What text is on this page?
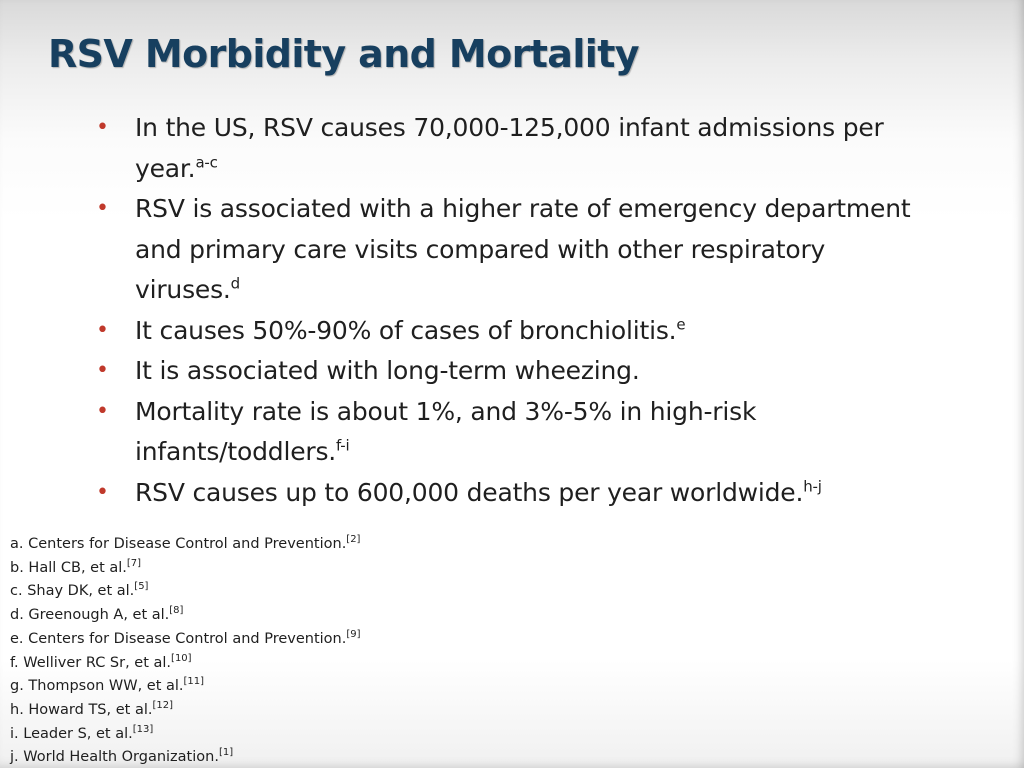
RSV Morbidity and Mortality
• In the US, RSV causes 70,000-125,000 infant admissions per year.$^{a-c}$
• RSV is associated with a higher rate of emergency department and primary care visits compared with other respiratory viruses.$^d$
• It causes 50%-90% of cases of bronchiolitis.$^e$
• It is associated with long-term wheezing.
• Mortality rate is about 1%, and 3%-5% in high-risk infants/toddlers.$^{f-i}$
• RSV causes up to 600,000 deaths per year worldwide.$^{h-j}$
a. Centers for Disease Control and Prevention.[2]
b. Hall CB, et al.[7]
c. Shay DK, et al.[5]
d. Greenough A, et al.[8]
e. Centers for Disease Control and Prevention.[9]
f. Welliver RC Sr, et al.[10]
g. Thompson WW, et al.[11]
h. Howard TS, et al.[12]
i. Leader S, et al.[13]
j. World Health Organization.[1]
